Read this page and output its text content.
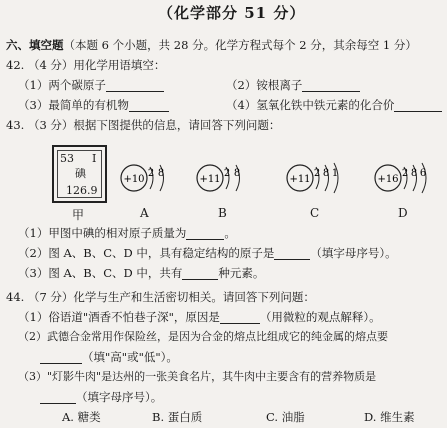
（化学部分 51 分）
六、填空题（本题 6 个小题，共 28 分。化学方程式每个 2 分，其余每空 1 分）
42. （4 分）用化学用语填空：
（1）两个碳原子	（2）铵根离子
（3）最简单的有机物	（4）氢氧化铁中铁元素的化合价
43. （3 分）根据下图提供的信息，请回答下列问题：
53 I
碘
126.9
+10
2 8
+11
2 8
+11
2 8 1
+16
2 8 6
甲	A	B	C	D
（1）甲图中碘的相对原子质量为	。
（2）图 A、B、C、D 中，具有稳定结构的原子是	（填字母序号）。
（3）图 A、B、C、D 中，共有	种元素。
44. （7 分）化学与生产和生活密切相关。请回答下列问题：
（1）俗语道"酒香不怕巷子深"，原因是	（用微粒的观点解释）。
（2）武德合金常用作保险丝，是因为合金的熔点比组成它的纯金属的熔点要
（填"高"或"低"）。
（3）"灯影牛肉"是达州的一张美食名片，其牛肉中主要含有的营养物质是
（填字母序号）。
A. 糖类	B. 蛋白质	C. 油脂	D. 维生素
